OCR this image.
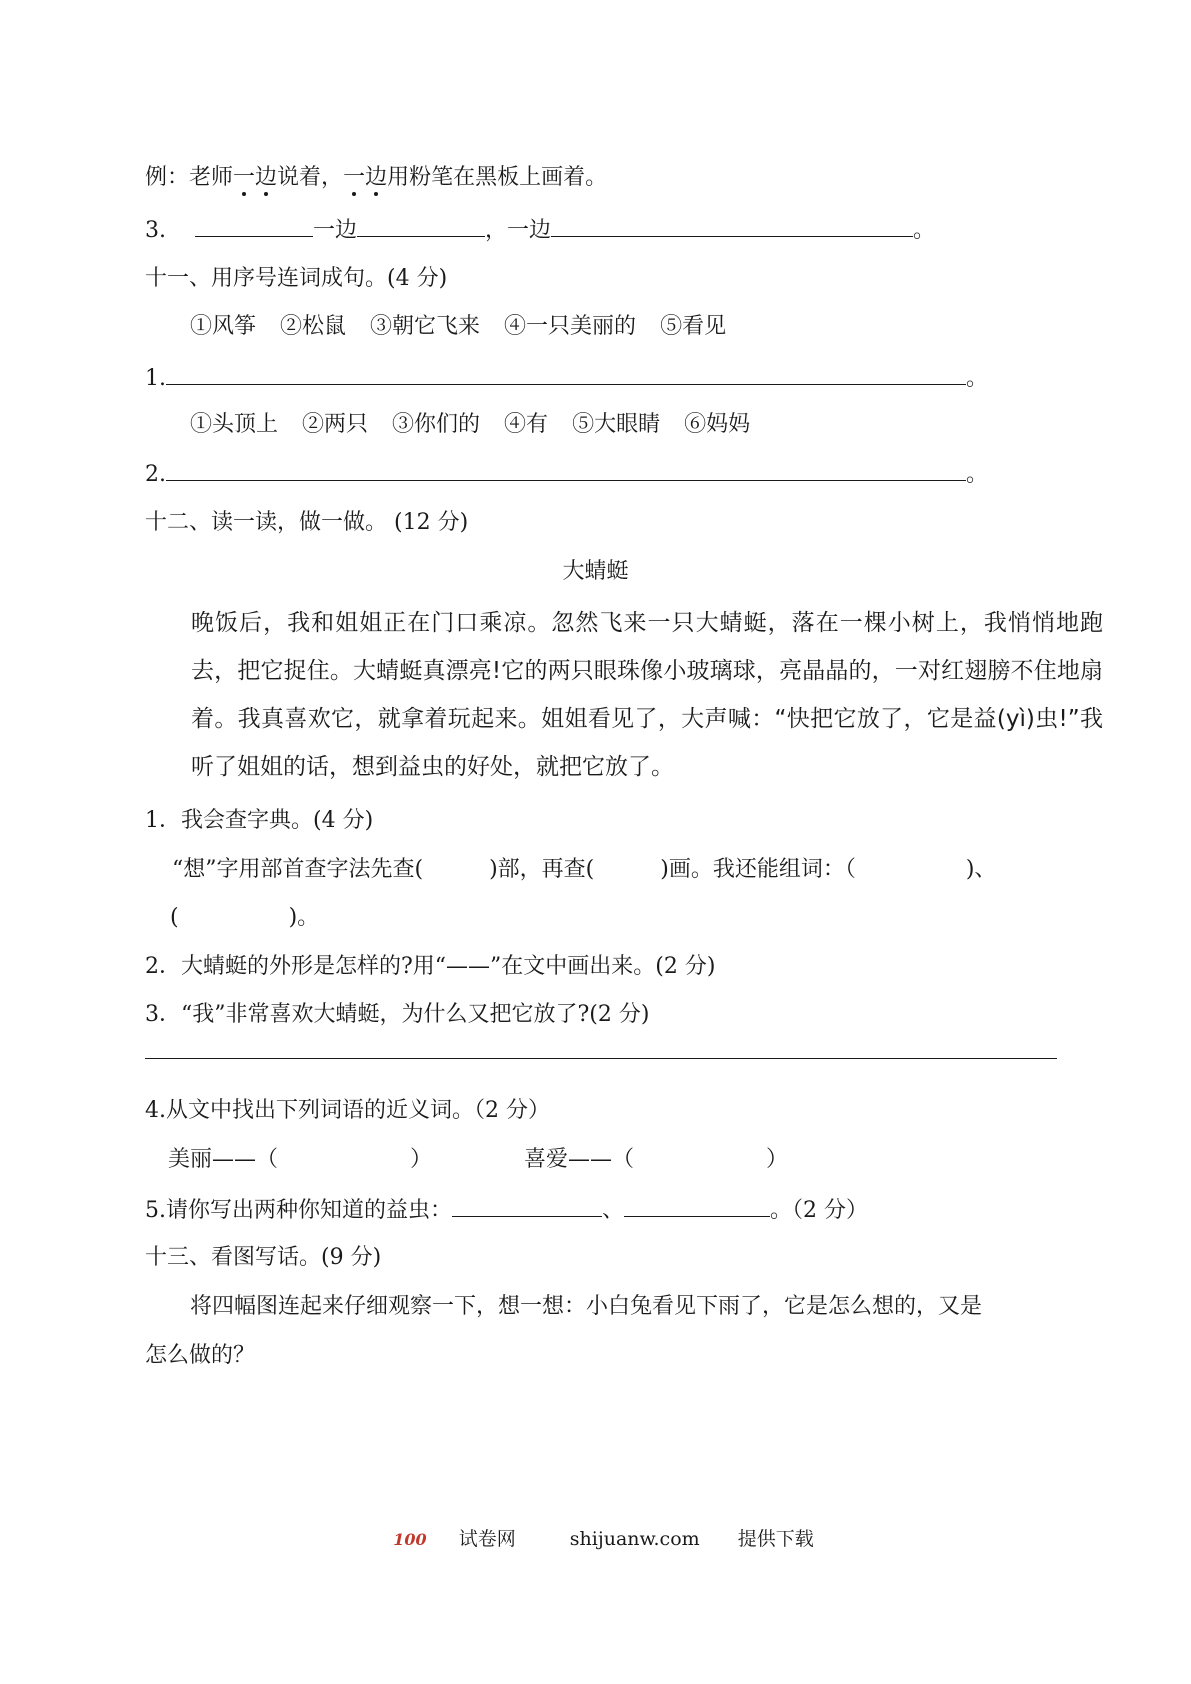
例：老师一边说着，一边用粉笔在黑板上画着。
3.	一边	，一边	。
十一、用序号连词成句。(4 分)
①风筝 ②松鼠 ③朝它飞来 ④一只美丽的 ⑤看见
1.	。
①头顶上 ②两只 ③你们的 ④有 ⑤大眼睛 ⑥妈妈
2.	。
十二、读一读，做一做。 (12 分)
大蜻蜓
晚饭后，我和姐姐正在门口乘凉。忽然飞来一只大蜻蜓，落在一棵小树上，我悄悄地跑去，把它捉住。大蜻蜓真漂亮!它的两只眼珠像小玻璃球，亮晶晶的，一对红翅膀不住地扇着。我真喜欢它，就拿着玩起来。姐姐看见了，大声喊：“快把它放了，它是益(yì)虫!”我听了姐姐的话，想到益虫的好处，就把它放了。
1．我会查字典。(4 分)
“想”字用部首查字法先查(　　　)部，再查(　　　)画。我还能组词：（　　　　　)、
(　　　　　)。
2．大蜻蜓的外形是怎样的?用“——”在文中画出来。(2 分)
3．“我”非常喜欢大蜻蜓，为什么又把它放了?(2 分)
4.从文中找出下列词语的近义词。（2 分）
美丽——（　　　　　　）	喜爱——（　　　　　　）
5.请你写出两种你知道的益虫：	、	。（2 分）
十三、看图写话。(9 分)
将四幅图连起来仔细观察一下，想一想：小白兔看见下雨了，它是怎么想的，又是
怎么做的？
100 试卷网	shijuanw.com 提供下载
